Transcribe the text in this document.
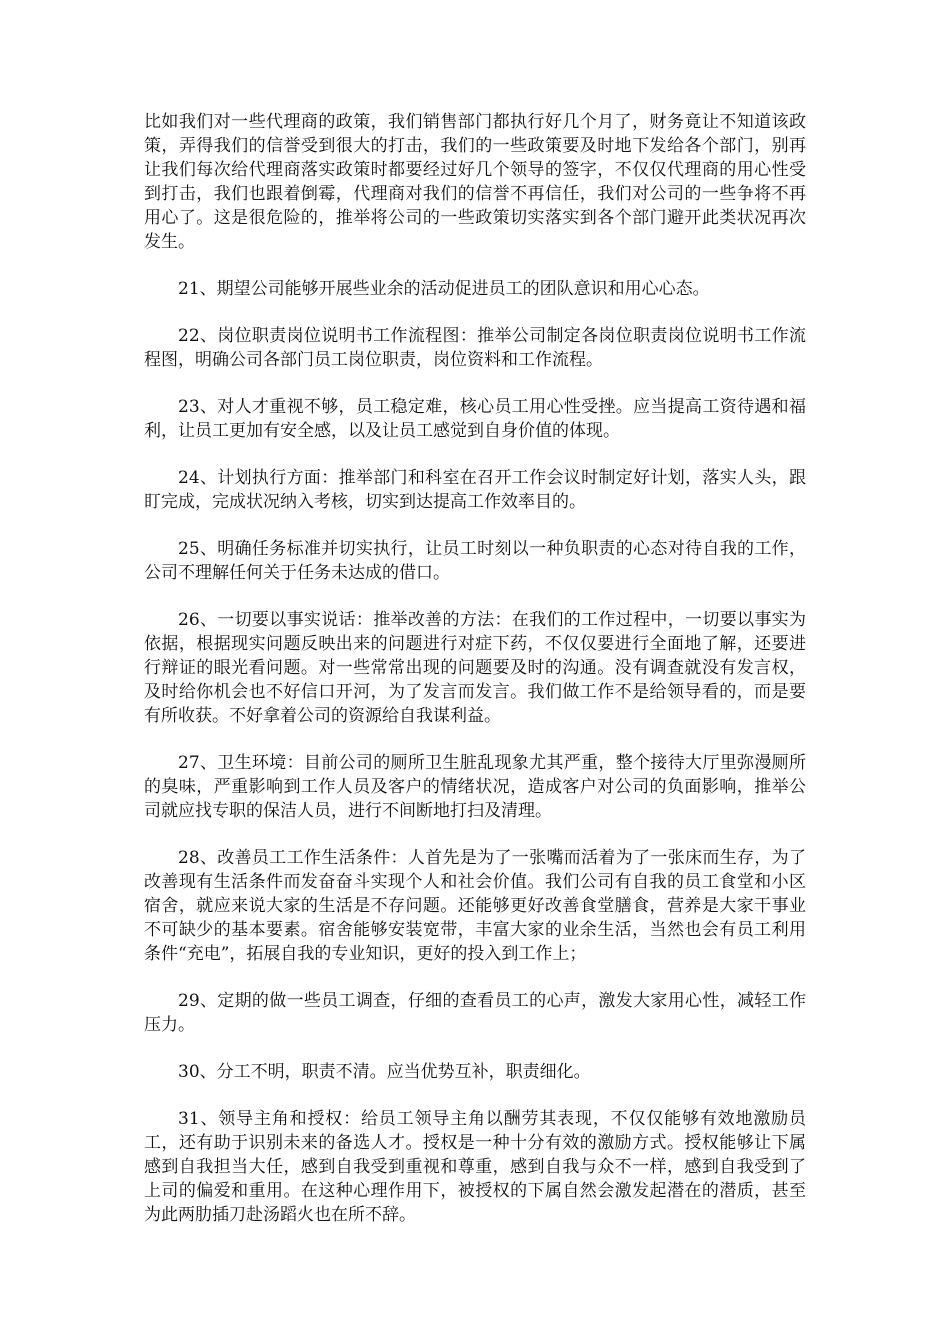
比如我们对一些代理商的政策，我们销售部门都执行好几个月了，财务竟让不知道该政策，弄得我们的信誉受到很大的打击，我们的一些政策要及时地下发给各个部门，别再让我们每次给代理商落实政策时都要经过好几个领导的签字，不仅仅代理商的用心性受到打击，我们也跟着倒霉，代理商对我们的信誉不再信任，我们对公司的一些争将不再用心了。这是很危险的，推举将公司的一些政策切实落实到各个部门避开此类状况再次发生。

21、期望公司能够开展些业余的活动促进员工的团队意识和用心心态。

22、岗位职责岗位说明书工作流程图：推举公司制定各岗位职责岗位说明书工作流程图，明确公司各部门员工岗位职责，岗位资料和工作流程。

23、对人才重视不够，员工稳定难，核心员工用心性受挫。应当提高工资待遇和福利，让员工更加有安全感，以及让员工感觉到自身价值的体现。

24、计划执行方面：推举部门和科室在召开工作会议时制定好计划，落实人头，跟盯完成，完成状况纳入考核，切实到达提高工作效率目的。

25、明确任务标准并切实执行，让员工时刻以一种负职责的心态对待自我的工作，公司不理解任何关于任务未达成的借口。

26、一切要以事实说话：推举改善的方法：在我们的工作过程中，一切要以事实为依据，根据现实问题反映出来的问题进行对症下药，不仅仅要进行全面地了解，还要进行辩证的眼光看问题。对一些常常出现的问题要及时的沟通。没有调查就没有发言权，及时给你机会也不好信口开河，为了发言而发言。我们做工作不是给领导看的，而是要有所收获。不好拿着公司的资源给自我谋利益。

27、卫生环境：目前公司的厕所卫生脏乱现象尤其严重，整个接待大厅里弥漫厕所的臭味，严重影响到工作人员及客户的情绪状况，造成客户对公司的负面影响，推举公司就应找专职的保洁人员，进行不间断地打扫及清理。

28、改善员工工作生活条件：人首先是为了一张嘴而活着为了一张床而生存，为了改善现有生活条件而发奋奋斗实现个人和社会价值。我们公司有自我的员工食堂和小区宿舍，就应来说大家的生活是不存问题。还能够更好改善食堂膳食，营养是大家干事业不可缺少的基本要素。宿舍能够安装宽带，丰富大家的业余生活，当然也会有员工利用条件“充电”，拓展自我的专业知识，更好的投入到工作上；

29、定期的做一些员工调查，仔细的查看员工的心声，激发大家用心性，减轻工作压力。

30、分工不明，职责不清。应当优势互补，职责细化。

31、领导主角和授权：给员工领导主角以酬劳其表现，不仅仅能够有效地激励员工，还有助于识别未来的备选人才。授权是一种十分有效的激励方式。授权能够让下属感到自我担当大任，感到自我受到重视和尊重，感到自我与众不一样，感到自我受到了上司的偏爱和重用。在这种心理作用下，被授权的下属自然会激发起潜在的潜质，甚至为此两肋插刀赴汤蹈火也在所不辞。
